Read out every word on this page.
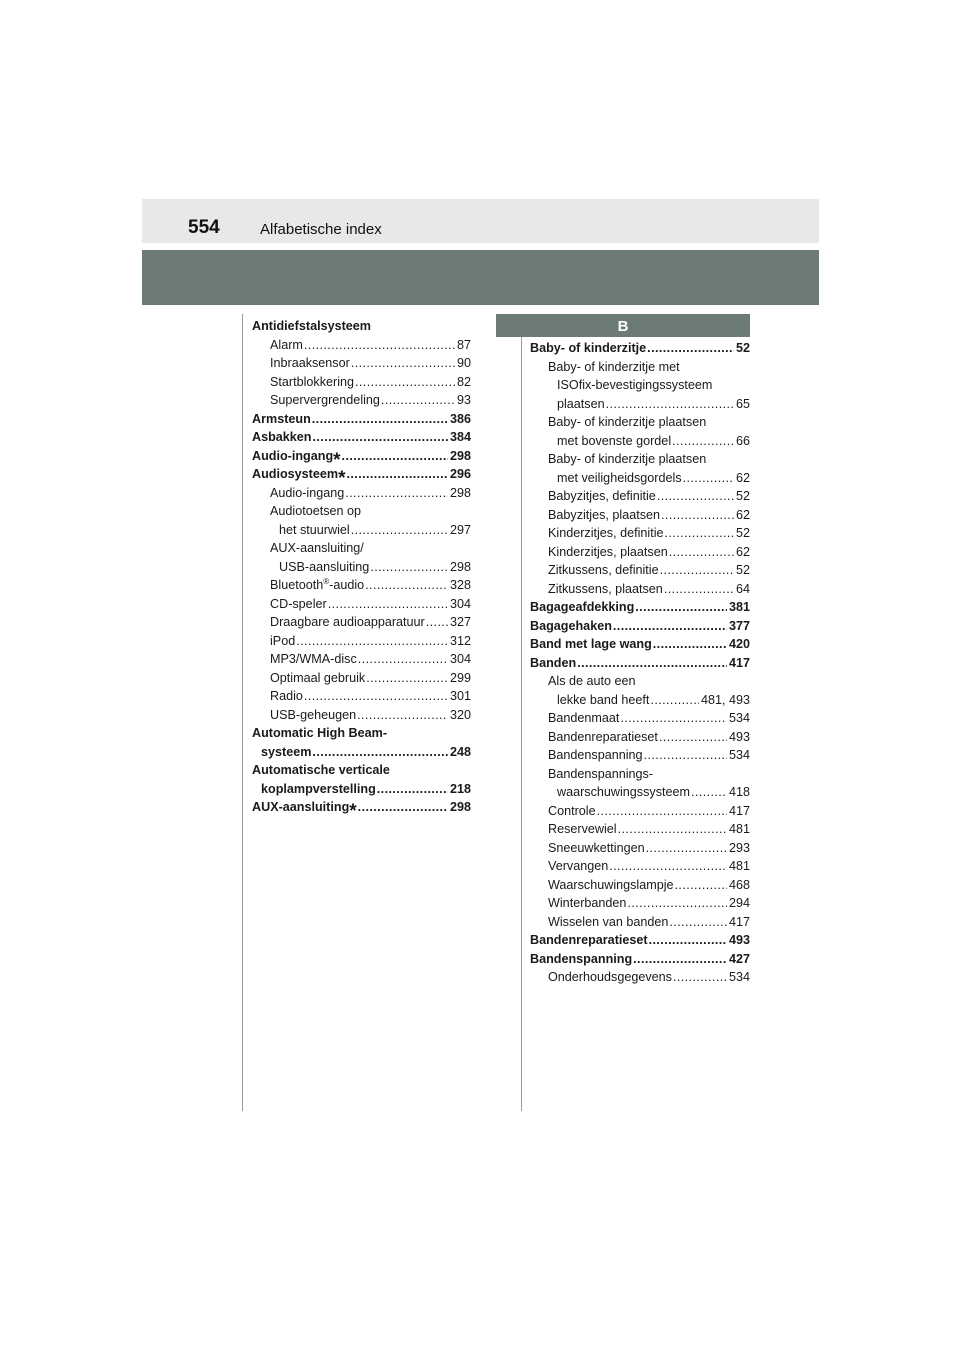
554	Alfabetische index
B
Antidiefstalsysteem
Alarm .....	87
Inbraaksensor .....	90
Startblokkering .....	82
Supervergrendeling .....	93
Armsteun .....	386
Asbakken .....	384
Audio-ingang* .....	298
Audiosysteem* .....	296
Audio-ingang .....	298
Audiotoetsen op
het stuurwiel .....	297
AUX-aansluiting/
USB-aansluiting .....	298
Bluetooth®-audio .....	328
CD-speler .....	304
Draagbare audioapparatuur ..... 327
iPod .....	312
MP3/WMA-disc .....	304
Optimaal gebruik .....	299
Radio .....	301
USB-geheugen .....	320
Automatic High Beam-
systeem .....	248
Automatische verticale
koplampverstelling .....	218
AUX-aansluiting* .....	298
Baby- of kinderzitje .....	52
Baby- of kinderzitje met
ISOfix-bevestigingssysteem
plaatsen .....	65
Baby- of kinderzitje plaatsen
met bovenste gordel .....	66
Baby- of kinderzitje plaatsen
met veiligheidsgordels .....	62
Babyzitjes, definitie .....	52
Babyzitjes, plaatsen .....	62
Kinderzitjes, definitie .....	52
Kinderzitjes, plaatsen .....	62
Zitkussens, definitie .....	52
Zitkussens, plaatsen .....	64
Bagageafdekking .....	381
Bagagehaken .....	377
Band met lage wang .....	420
Banden .....	417
Als de auto een
lekke band heeft .....	481, 493
Bandenmaat .....	534
Bandenreparatieset .....	493
Bandenspanning .....	534
Bandenspannings-
waarschuwingssysteem .....	418
Controle .....	417
Reservewiel .....	481
Sneeuwkettingen .....	293
Vervangen .....	481
Waarschuwingslampje .....	468
Winterbanden .....	294
Wisselen van banden .....	417
Bandenreparatieset .....	493
Bandenspanning .....	427
Onderhoudsgegevens .....	534
